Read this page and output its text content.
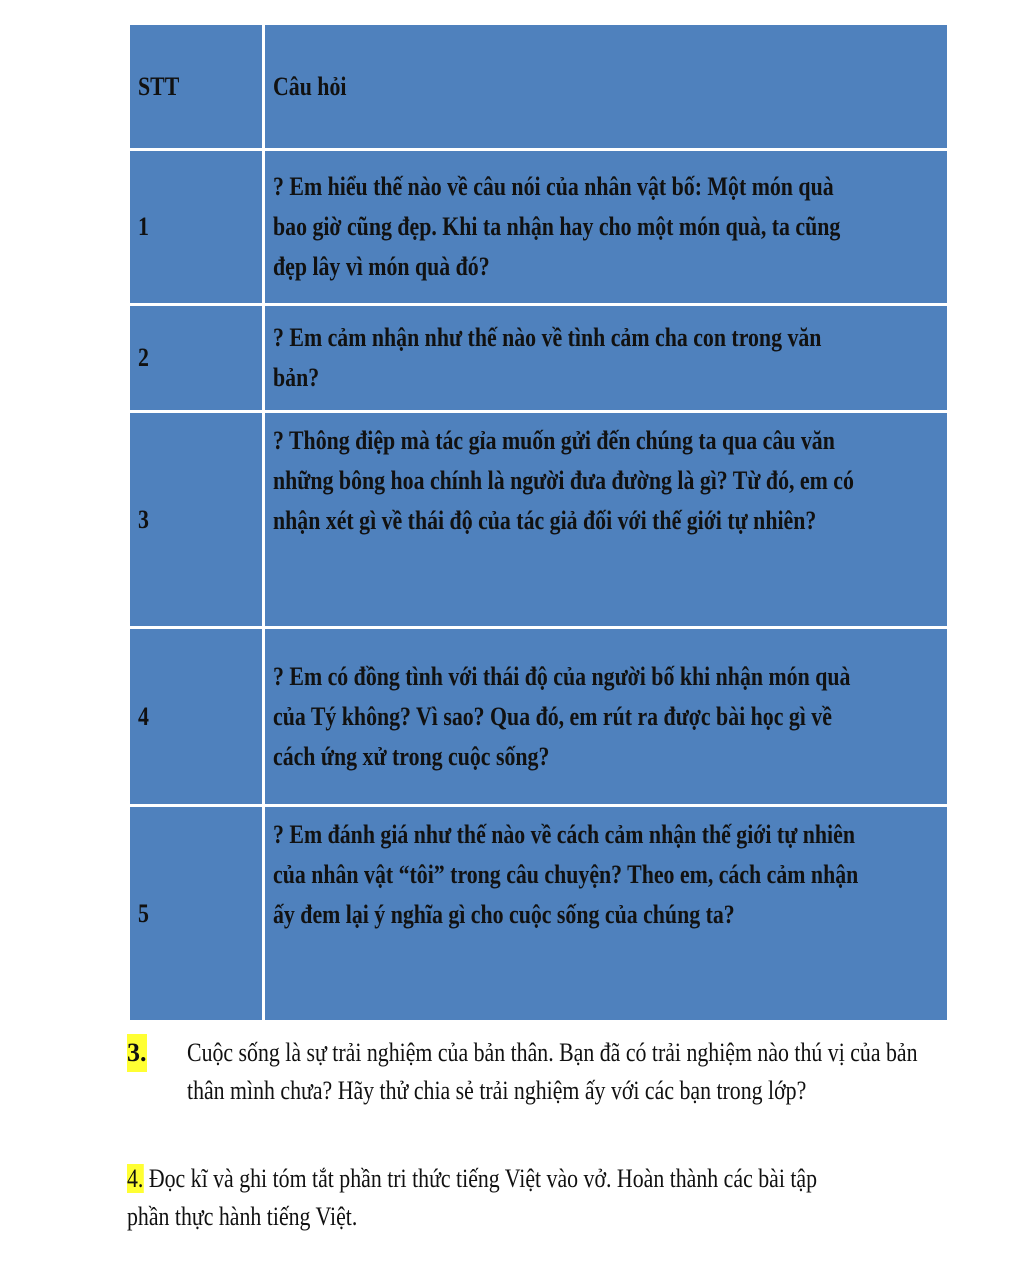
STT	Câu hỏi
1	? Em hiểu thế nào về câu nói của nhân vật bố: Một món quà
bao giờ cũng đẹp. Khi ta nhận hay cho một món quà, ta cũng
đẹp lây vì món quà đó?
2	? Em cảm nhận như thế nào về tình cảm cha con trong văn
bản?
3	? Thông điệp mà tác gỉa muốn gửi đến chúng ta qua câu văn
những bông hoa chính là người đưa đường là gì? Từ đó, em có
nhận xét gì về thái độ của tác giả đối với thế giới tự nhiên?
4	? Em có đồng tình với thái độ của người bố khi nhận món quà
của Tý không? Vì sao? Qua đó, em rút ra được bài học gì về
cách ứng xử trong cuộc sống?
5	? Em đánh giá như thế nào về cách cảm nhận thế giới tự nhiên
của nhân vật “tôi” trong câu chuyện? Theo em, cách cảm nhận
ấy đem lại ý nghĩa gì cho cuộc sống của chúng ta?
3. Cuộc sống là sự trải nghiệm của bản thân. Bạn đã có trải nghiệm nào thú vị của bản
thân mình chưa? Hãy thử chia sẻ trải nghiệm ấy với các bạn trong lớp?
4. Đọc kĩ và ghi tóm tắt phần tri thức tiếng Việt vào vở. Hoàn thành các bài tập
phần thực hành tiếng Việt.
